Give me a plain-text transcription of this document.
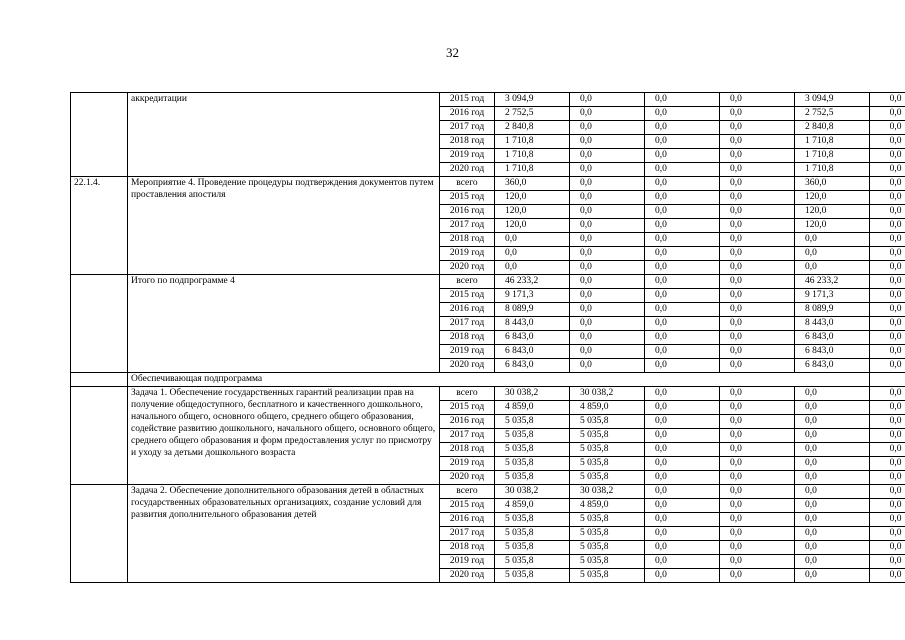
32
	аккредитации	2015 год	3 094,9	0,0	0,0	0,0	3 094,9	0,0
		2016 год	2 752,5	0,0	0,0	0,0	2 752,5	0,0
		2017 год	2 840,8	0,0	0,0	0,0	2 840,8	0,0
		2018 год	1 710,8	0,0	0,0	0,0	1 710,8	0,0
		2019 год	1 710,8	0,0	0,0	0,0	1 710,8	0,0
		2020 год	1 710,8	0,0	0,0	0,0	1 710,8	0,0
22.1.4.	Мероприятие 4. Проведение процедуры подтверждения документов путем проставления апостиля	всего	360,0	0,0	0,0	0,0	360,0	0,0
		2015 год	120,0	0,0	0,0	0,0	120,0	0,0
		2016 год	120,0	0,0	0,0	0,0	120,0	0,0
		2017 год	120,0	0,0	0,0	0,0	120,0	0,0
		2018 год	0,0	0,0	0,0	0,0	0,0	0,0
		2019 год	0,0	0,0	0,0	0,0	0,0	0,0
		2020 год	0,0	0,0	0,0	0,0	0,0	0,0
	Итого по подпрограмме 4	всего	46 233,2	0,0	0,0	0,0	46 233,2	0,0
		2015 год	9 171,3	0,0	0,0	0,0	9 171,3	0,0
		2016 год	8 089,9	0,0	0,0	0,0	8 089,9	0,0
		2017 год	8 443,0	0,0	0,0	0,0	8 443,0	0,0
		2018 год	6 843,0	0,0	0,0	0,0	6 843,0	0,0
		2019 год	6 843,0	0,0	0,0	0,0	6 843,0	0,0
		2020 год	6 843,0	0,0	0,0	0,0	6 843,0	0,0
	Обеспечивающая подпрограмма							
	Задача 1. Обеспечение государственных гарантий реализации прав на получение общедоступного, бесплатного и качественного дошкольного, начального общего, основного общего, среднего общего образования, содействие развитию дошкольного, начального общего, основного общего, среднего общего образования и форм предоставления услуг по присмотру и уходу за детьми дошкольного возраста	всего	30 038,2	30 038,2	0,0	0,0	0,0	0,0
		2015 год	4 859,0	4 859,0	0,0	0,0	0,0	0,0
		2016 год	5 035,8	5 035,8	0,0	0,0	0,0	0,0
		2017 год	5 035,8	5 035,8	0,0	0,0	0,0	0,0
		2018 год	5 035,8	5 035,8	0,0	0,0	0,0	0,0
		2019 год	5 035,8	5 035,8	0,0	0,0	0,0	0,0
		2020 год	5 035,8	5 035,8	0,0	0,0	0,0	0,0
	Задача 2. Обеспечение дополнительного образования детей в областных государственных образовательных организациях, создание условий для развития дополнительного образования детей	всего	30 038,2	30 038,2	0,0	0,0	0,0	0,0
		2015 год	4 859,0	4 859,0	0,0	0,0	0,0	0,0
		2016 год	5 035,8	5 035,8	0,0	0,0	0,0	0,0
		2017 год	5 035,8	5 035,8	0,0	0,0	0,0	0,0
		2018 год	5 035,8	5 035,8	0,0	0,0	0,0	0,0
		2019 год	5 035,8	5 035,8	0,0	0,0	0,0	0,0
		2020 год	5 035,8	5 035,8	0,0	0,0	0,0	0,0
